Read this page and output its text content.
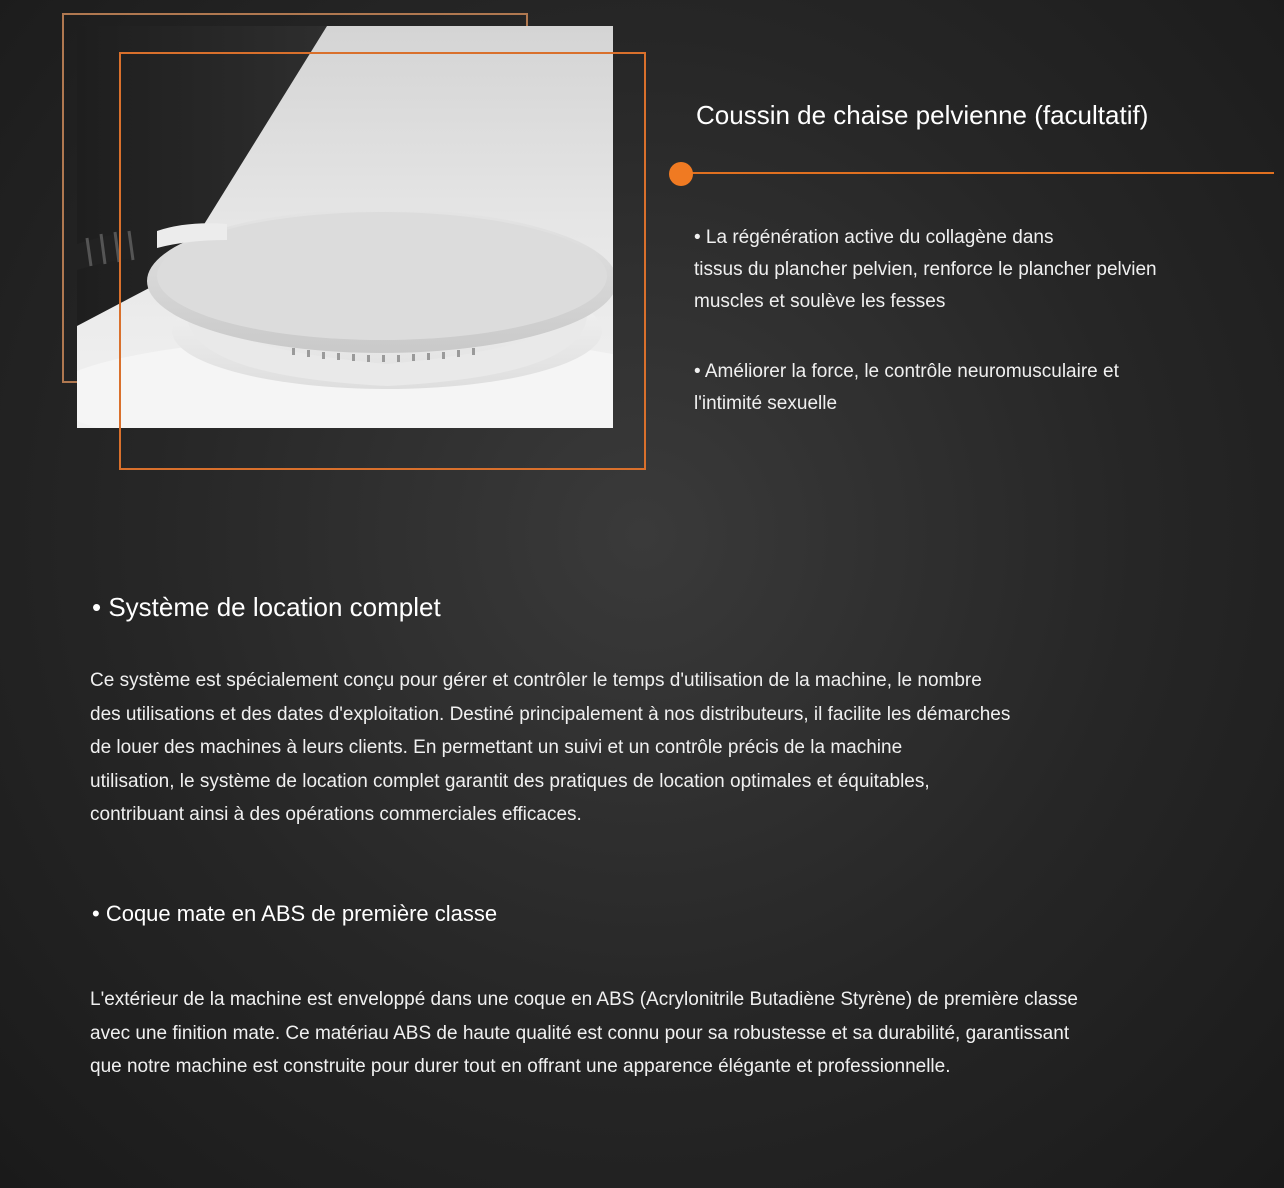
Coussin de chaise pelvienne (facultatif)
• La régénération active du collagène dans
tissus du plancher pelvien, renforce le plancher pelvien
muscles et soulève les fesses
• Améliorer la force, le contrôle neuromusculaire et
l'intimité sexuelle
• Système de location complet
Ce système est spécialement conçu pour gérer et contrôler le temps d'utilisation de la machine, le nombre
des utilisations et des dates d'exploitation. Destiné principalement à nos distributeurs, il facilite les démarches
de louer des machines à leurs clients. En permettant un suivi et un contrôle précis de la machine
utilisation, le système de location complet garantit des pratiques de location optimales et équitables,
contribuant ainsi à des opérations commerciales efficaces.
• Coque mate en ABS de première classe
L'extérieur de la machine est enveloppé dans une coque en ABS (Acrylonitrile Butadiène Styrène) de première classe
avec une finition mate. Ce matériau ABS de haute qualité est connu pour sa robustesse et sa durabilité, garantissant
que notre machine est construite pour durer tout en offrant une apparence élégante et professionnelle.
